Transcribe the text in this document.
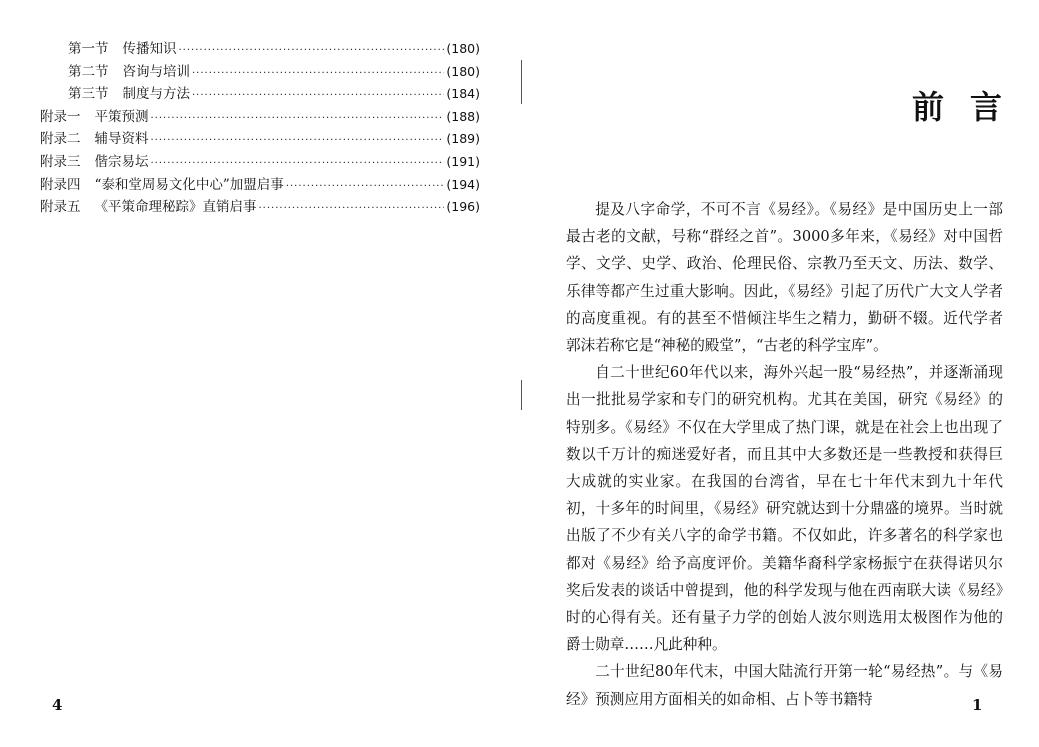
第一节 传播知识 ·····	(180)
第二节 咨询与培训 ·····	(180)
第三节 制度与方法 ·····	(184)
附录一 平策预测 ·····	(188)
附录二 辅导资料 ·····	(189)
附录三 偕宗易坛 ·····	(191)
附录四 “泰和堂周易文化中心”加盟启事 ·····	(194)
附录五 《平策命理秘踪》直销启事 ·····	(196)
4
前言

提及八字命学，不可不言《易经》。《易经》是中国历史上一部最古老的文献，号称“群经之首”。3000多年来，《易经》对中国哲学、文学、史学、政治、伦理民俗、宗教乃至天文、历法、数学、乐律等都产生过重大影响。因此，《易经》引起了历代广大文人学者的高度重视。有的甚至不惜倾注毕生之精力，勤研不辍。近代学者郭沫若称它是“神秘的殿堂”，“古老的科学宝库”。

自二十世纪60年代以来，海外兴起一股“易经热”，并逐渐涌现出一批批易学家和专门的研究机构。尤其在美国，研究《易经》的特别多。《易经》不仅在大学里成了热门课，就是在社会上也出现了数以千万计的痴迷爱好者，而且其中大多数还是一些教授和获得巨大成就的实业家。在我国的台湾省，早在七十年代末到九十年代初，十多年的时间里，《易经》研究就达到十分鼎盛的境界。当时就出版了不少有关八字的命学书籍。不仅如此，许多著名的科学家也都对《易经》给予高度评价。美籍华裔科学家杨振宁在获得诺贝尔奖后发表的谈话中曾提到，他的科学发现与他在西南联大读《易经》时的心得有关。还有量子力学的创始人波尔则选用太极图作为他的爵士勋章……凡此种种。

二十世纪80年代末，中国大陆流行开第一轮“易经热”。与《易经》预测应用方面相关的如命相、占卜等书籍特	1
